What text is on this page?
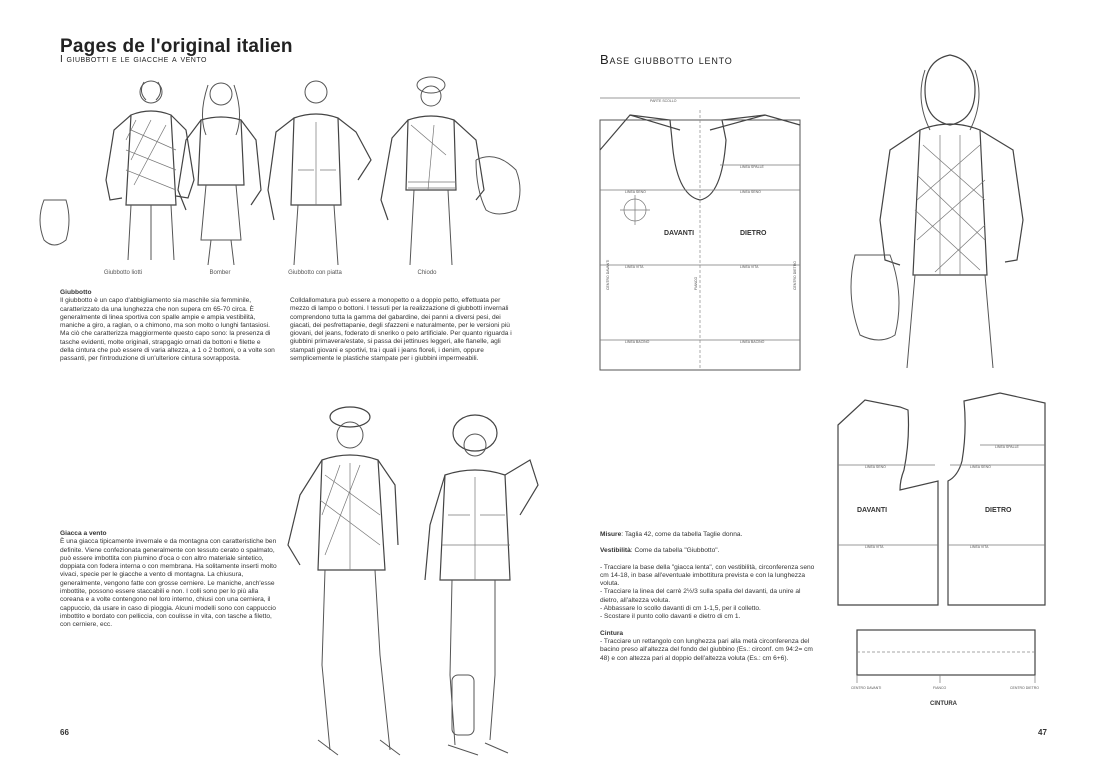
Pages de l'original italien
I giubbotti e le giacche a vento
Giubbotto liotti	Bomber	Giubbotto con piatta	Chiodo
Giubbotto

Il giubbotto è un capo d'abbigliamento sia maschile sia femminile, caratterizzato da una lunghezza che non supera cm 65-70 circa. È generalmente di linea sportiva con spalle ampie e ampia vestibilità, maniche a giro, a raglan, o a chimono, ma son molto o lunghi fantasiosi. Ma ciò che caratterizza maggiormente questo capo sono: la presenza di tasche evidenti, molte originali, strapgagio ornati da bottoni e filette e della cintura che può essere di varia altezza, a 1 o 2 bottoni, o a volte son passanti, per l'introduzione di un'ulteriore cintura sovrapposta.

Colldallomatura può essere a monopetto o a doppio petto, effettuata per mezzo di lampo o bottoni. I tessuti per la realizzazione di giubbotti invernali comprendono tutta la gamma del gabardine, dei panni a diversi pesi, dei giacati, dei pesfrettapanie, degli sfazzeni e naturalmente, per le versioni più giovani, del jeans, foderato di sneriko o pelo artificiale. Per quanto riguarda i giubbini primavera/estate, si passa dei jettinues leggeri, alle flanelle, agli stampati giovani e sportivi, tra i quali i jeans floreli, i denim, oppure semplicemente le plastiche stampate per i giubbini impermeabili.
Giacca a vento

È una giacca tipicamente invernale e da montagna con caratteristiche ben definite. Viene confezionata generalmente con tessuto cerato o spalmato, può essere imbottita con piumino d'oca o con altro materiale sintetico, doppiata con fodera interna o con membrana. Ha solitamente inserti molto vivaci, specie per le giacche a vento di montagna. La chiusura, generalmente, vengono fatte con grosse cerniere. Le maniche, anch'esse imbottite, possono essere staccabili e non. I colli sono per lo più alla coreana e a volte contengono nel loro interno, chiusi con una cerniera, il cappuccio, da usare in caso di pioggia. Alcuni modelli sono con cappuccio imbottito e bordato con pelliccia, con coulisse in vita, con tasche a filetto, con cerniere, ecc.

66
Base giubbotto lento
DAVANTI	DIETRO
LINEA SPALLE
LINEA SENO	LINEA SENO
LINEA VITA	LINEA VITA
LINEA BACINO	LINEA BACINO
PARTE SCOLLO
CENTRO DAVANTI	CENTRO DIETRO
FIANCO
DAVANTI	DIETRO
LINEA SPALLE
LINEA SENO	LINEA SENO
LINEA VITA	LINEA VITA
CENTRO DAVANTI	FIANCO	CENTRO DIETRO
CINTURA

Misure: Taglia 42, come da tabella Taglie donna.

Vestibilità: Come da tabella "Giubbotto".

- Tracciare la base della "giacca lenta", con vestibilità, circonferenza seno cm 14-18, in base all'eventuale imbottitura prevista e con la lunghezza voluta.

- Tracciare la linea del carrè 2½/3 sulla spalla del davanti, da unire al dietro, all'altezza voluta.

- Abbassare lo scollo davanti di cm 1-1,5, per il colletto.

- Scostare il punto collo davanti e dietro di cm 1.

Cintura

- Tracciare un rettangolo con lunghezza pari alla metà circonferenza del bacino preso all'altezza del fondo del giubbino (Es.: circonf. cm 94:2= cm 48) e con altezza pari al doppio dell'altezza voluta (Es.: cm 6+6).

47
